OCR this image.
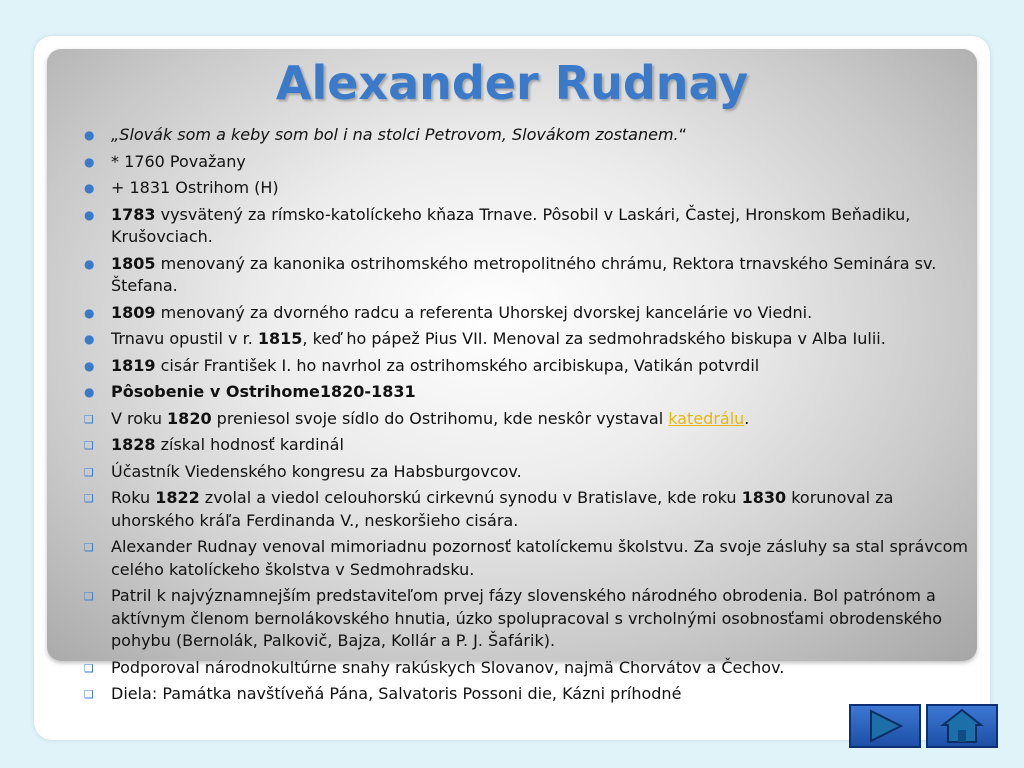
Alexander Rudnay
● „Slovák som a keby som bol i na stolci Petrovom, Slovákom zostanem.“
● * 1760 Považany
● + 1831 Ostrihom (H)
● 1783 vysvätený za rímsko-katolíckeho kňaza Trnave. Pôsobil v Laskári, Častej, Hronskom Beňadiku, Krušovciach.
● 1805 menovaný za kanonika ostrihomského metropolitného chrámu, Rektora trnavského Seminára sv. Štefana.
● 1809 menovaný za dvorného radcu a referenta Uhorskej dvorskej kancelárie vo Viedni.
● Trnavu opustil v r. 1815, keď ho pápež Pius VII. Menoval za sedmohradského biskupa v Alba Iulii.
● 1819 cisár František I. ho navrhol za ostrihomského arcibiskupa, Vatikán potvrdil
● Pôsobenie v Ostrihome1820-1831
❑ V roku 1820 preniesol svoje sídlo do Ostrihomu, kde neskôr vystaval katedrálu.
❑ 1828 získal hodnosť kardinál
❑ Účastník Viedenského kongresu za Habsburgovcov.
❑ Roku 1822 zvolal a viedol celouhorskú cirkevnú synodu v Bratislave, kde roku 1830 korunoval za uhorského kráľa Ferdinanda V., neskoršieho cisára.
❑ Alexander Rudnay venoval mimoriadnu pozornosť katolíckemu školstvu. Za svoje zásluhy sa stal správcom celého katolíckeho školstva v Sedmohradsku.
❑ Patril k najvýznamnejším predstaviteľom prvej fázy slovenského národného obrodenia. Bol patrónom a aktívnym členom bernolákovského hnutia, úzko spolupracoval s vrcholnými osobnosťami obrodenského pohybu (Bernolák, Palkovič, Bajza, Kollár a P. J. Šafárik).
❑ Podporoval národnokultúrne snahy rakúskych Slovanov, najmä Chorvátov a Čechov.
❑ Diela: Památka navštíveňá Pána, Salvatoris Possoni die, Kázni príhodné
